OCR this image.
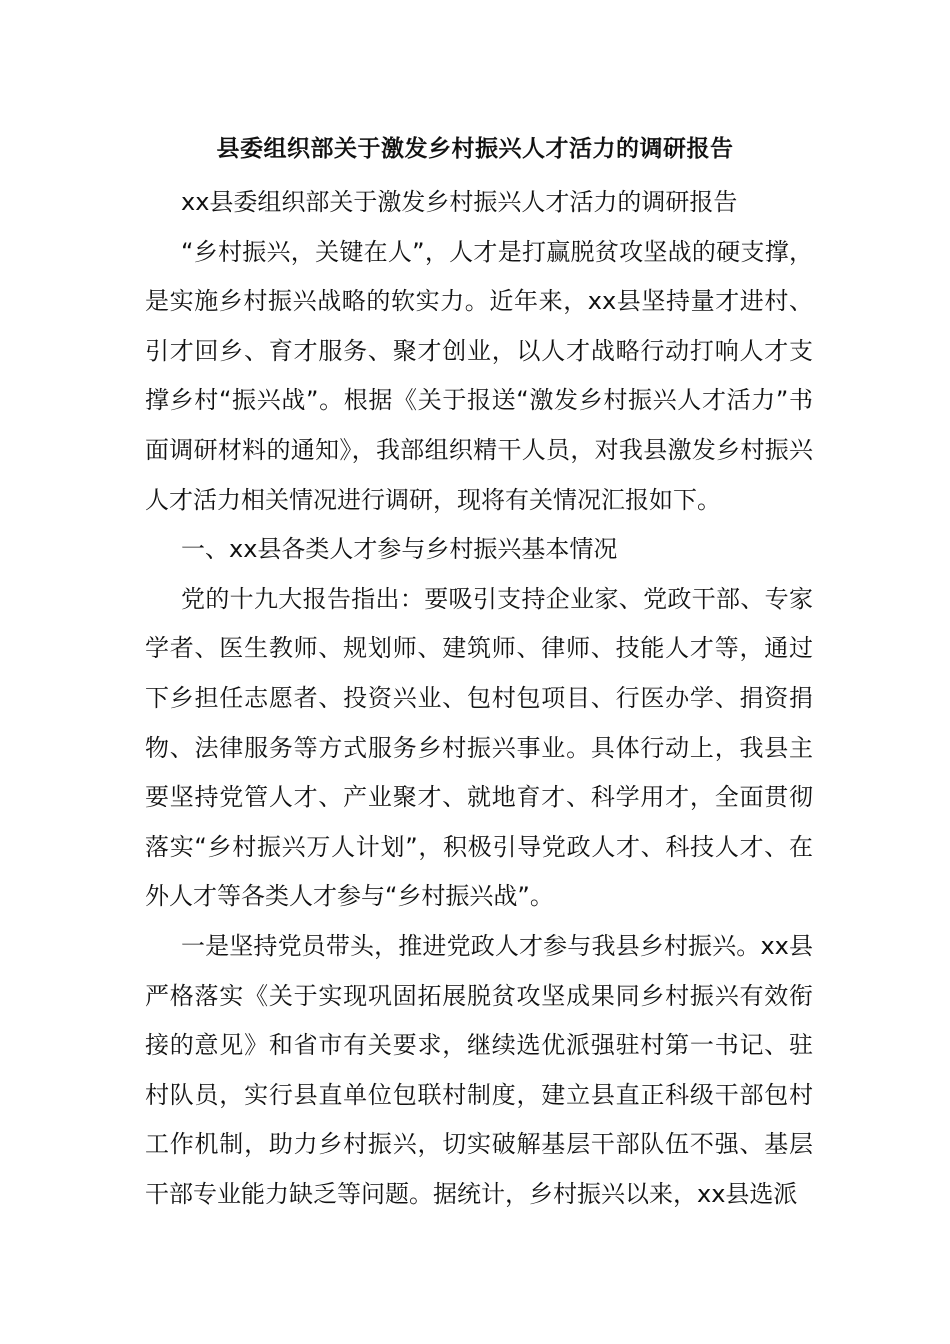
县委组织部关于激发乡村振兴人才活力的调研报告

xx县委组织部关于激发乡村振兴人才活力的调研报告

“乡村振兴，关键在人”，人才是打赢脱贫攻坚战的硬支撑，是实施乡村振兴战略的软实力。近年来，xx县坚持量才进村、引才回乡、育才服务、聚才创业，以人才战略行动打响人才支撑乡村“振兴战”。根据《关于报送“激发乡村振兴人才活力”书面调研材料的通知》，我部组织精干人员，对我县激发乡村振兴人才活力相关情况进行调研，现将有关情况汇报如下。

一、xx县各类人才参与乡村振兴基本情况

党的十九大报告指出：要吸引支持企业家、党政干部、专家学者、医生教师、规划师、建筑师、律师、技能人才等，通过下乡担任志愿者、投资兴业、包村包项目、行医办学、捐资捐物、法律服务等方式服务乡村振兴事业。具体行动上，我县主要坚持党管人才、产业聚才、就地育才、科学用才，全面贯彻落实“乡村振兴万人计划”，积极引导党政人才、科技人才、在外人才等各类人才参与“乡村振兴战”。

一是坚持党员带头，推进党政人才参与我县乡村振兴。xx县严格落实《关于实现巩固拓展脱贫攻坚成果同乡村振兴有效衔接的意见》和省市有关要求，继续选优派强驻村第一书记、驻村队员，实行县直单位包联村制度，建立县直正科级干部包村工作机制，助力乡村振兴，切实破解基层干部队伍不强、基层干部专业能力缺乏等问题。据统计，乡村振兴以来，xx县选派
